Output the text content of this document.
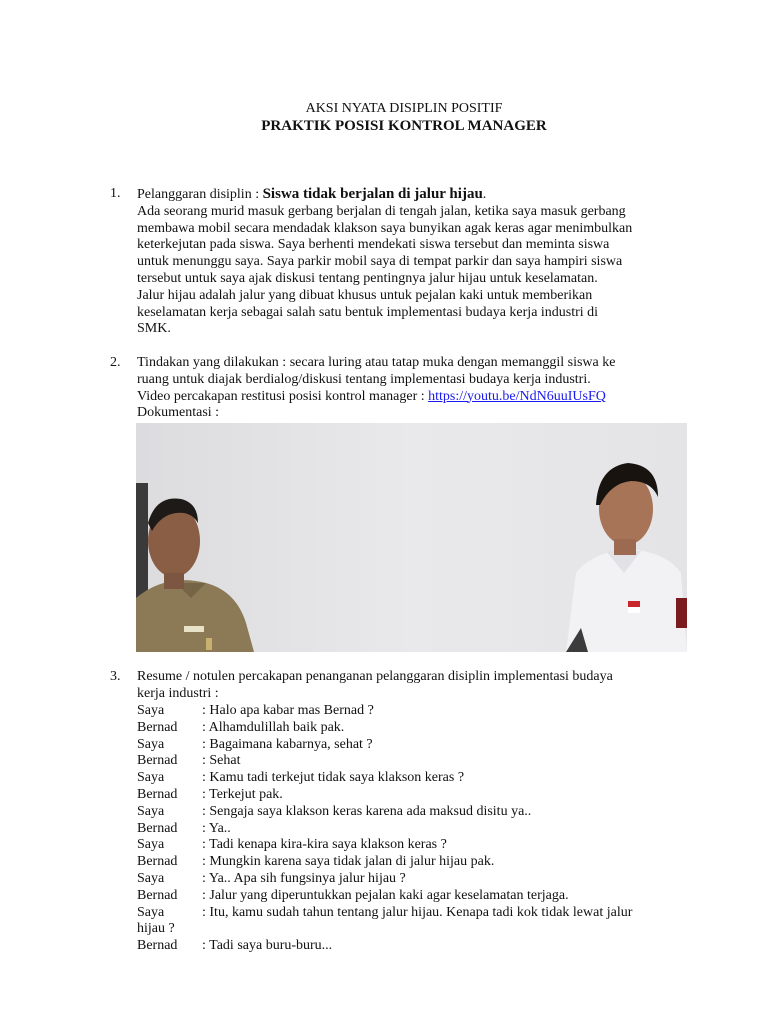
AKSI NYATA DISIPLIN POSITIF
PRAKTIK POSISI KONTROL MANAGER
1. Pelanggaran disiplin : Siswa tidak berjalan di jalur hijau.

Ada seorang murid masuk gerbang berjalan di tengah jalan, ketika saya masuk gerbang

membawa mobil secara mendadak klakson saya bunyikan agak keras agar menimbulkan

keterkejutan pada siswa. Saya berhenti mendekati siswa tersebut dan meminta siswa

untuk menunggu saya. Saya parkir mobil saya di tempat parkir dan saya hampiri siswa

tersebut untuk saya ajak diskusi tentang pentingnya jalur hijau untuk keselamatan.

Jalur hijau adalah jalur yang dibuat khusus untuk pejalan kaki untuk memberikan

keselamatan kerja sebagai salah satu bentuk implementasi budaya kerja industri di

SMK.

2. Tindakan yang dilakukan : secara luring atau tatap muka dengan memanggil siswa ke

ruang untuk diajak berdialog/diskusi tentang implementasi budaya kerja industri.

Video percakapan restitusi posisi kontrol manager : https://youtu.be/NdN6uuIUsFQ

Dokumentasi :

3. Resume / notulen percakapan penanganan pelanggaran disiplin implementasi budaya

kerja industri :

Saya	: Halo apa kabar mas Bernad ?
Bernad	: Alhamdulillah baik pak.
Saya	: Bagaimana kabarnya, sehat ?
Bernad	: Sehat
Saya	: Kamu tadi terkejut tidak saya klakson keras ?
Bernad	: Terkejut pak.
Saya	: Sengaja saya klakson keras karena ada maksud disitu ya..
Bernad	: Ya..
Saya	: Tadi kenapa kira-kira saya klakson keras ?
Bernad	: Mungkin karena saya tidak jalan di jalur hijau pak.
Saya	: Ya.. Apa sih fungsinya jalur hijau ?
Bernad	: Jalur yang diperuntukkan pejalan kaki agar keselamatan terjaga.
Saya	: Itu, kamu sudah tahun tentang jalur hijau. Kenapa tadi kok tidak lewat jalur
hijau ?
Bernad	: Tadi saya buru-buru...
